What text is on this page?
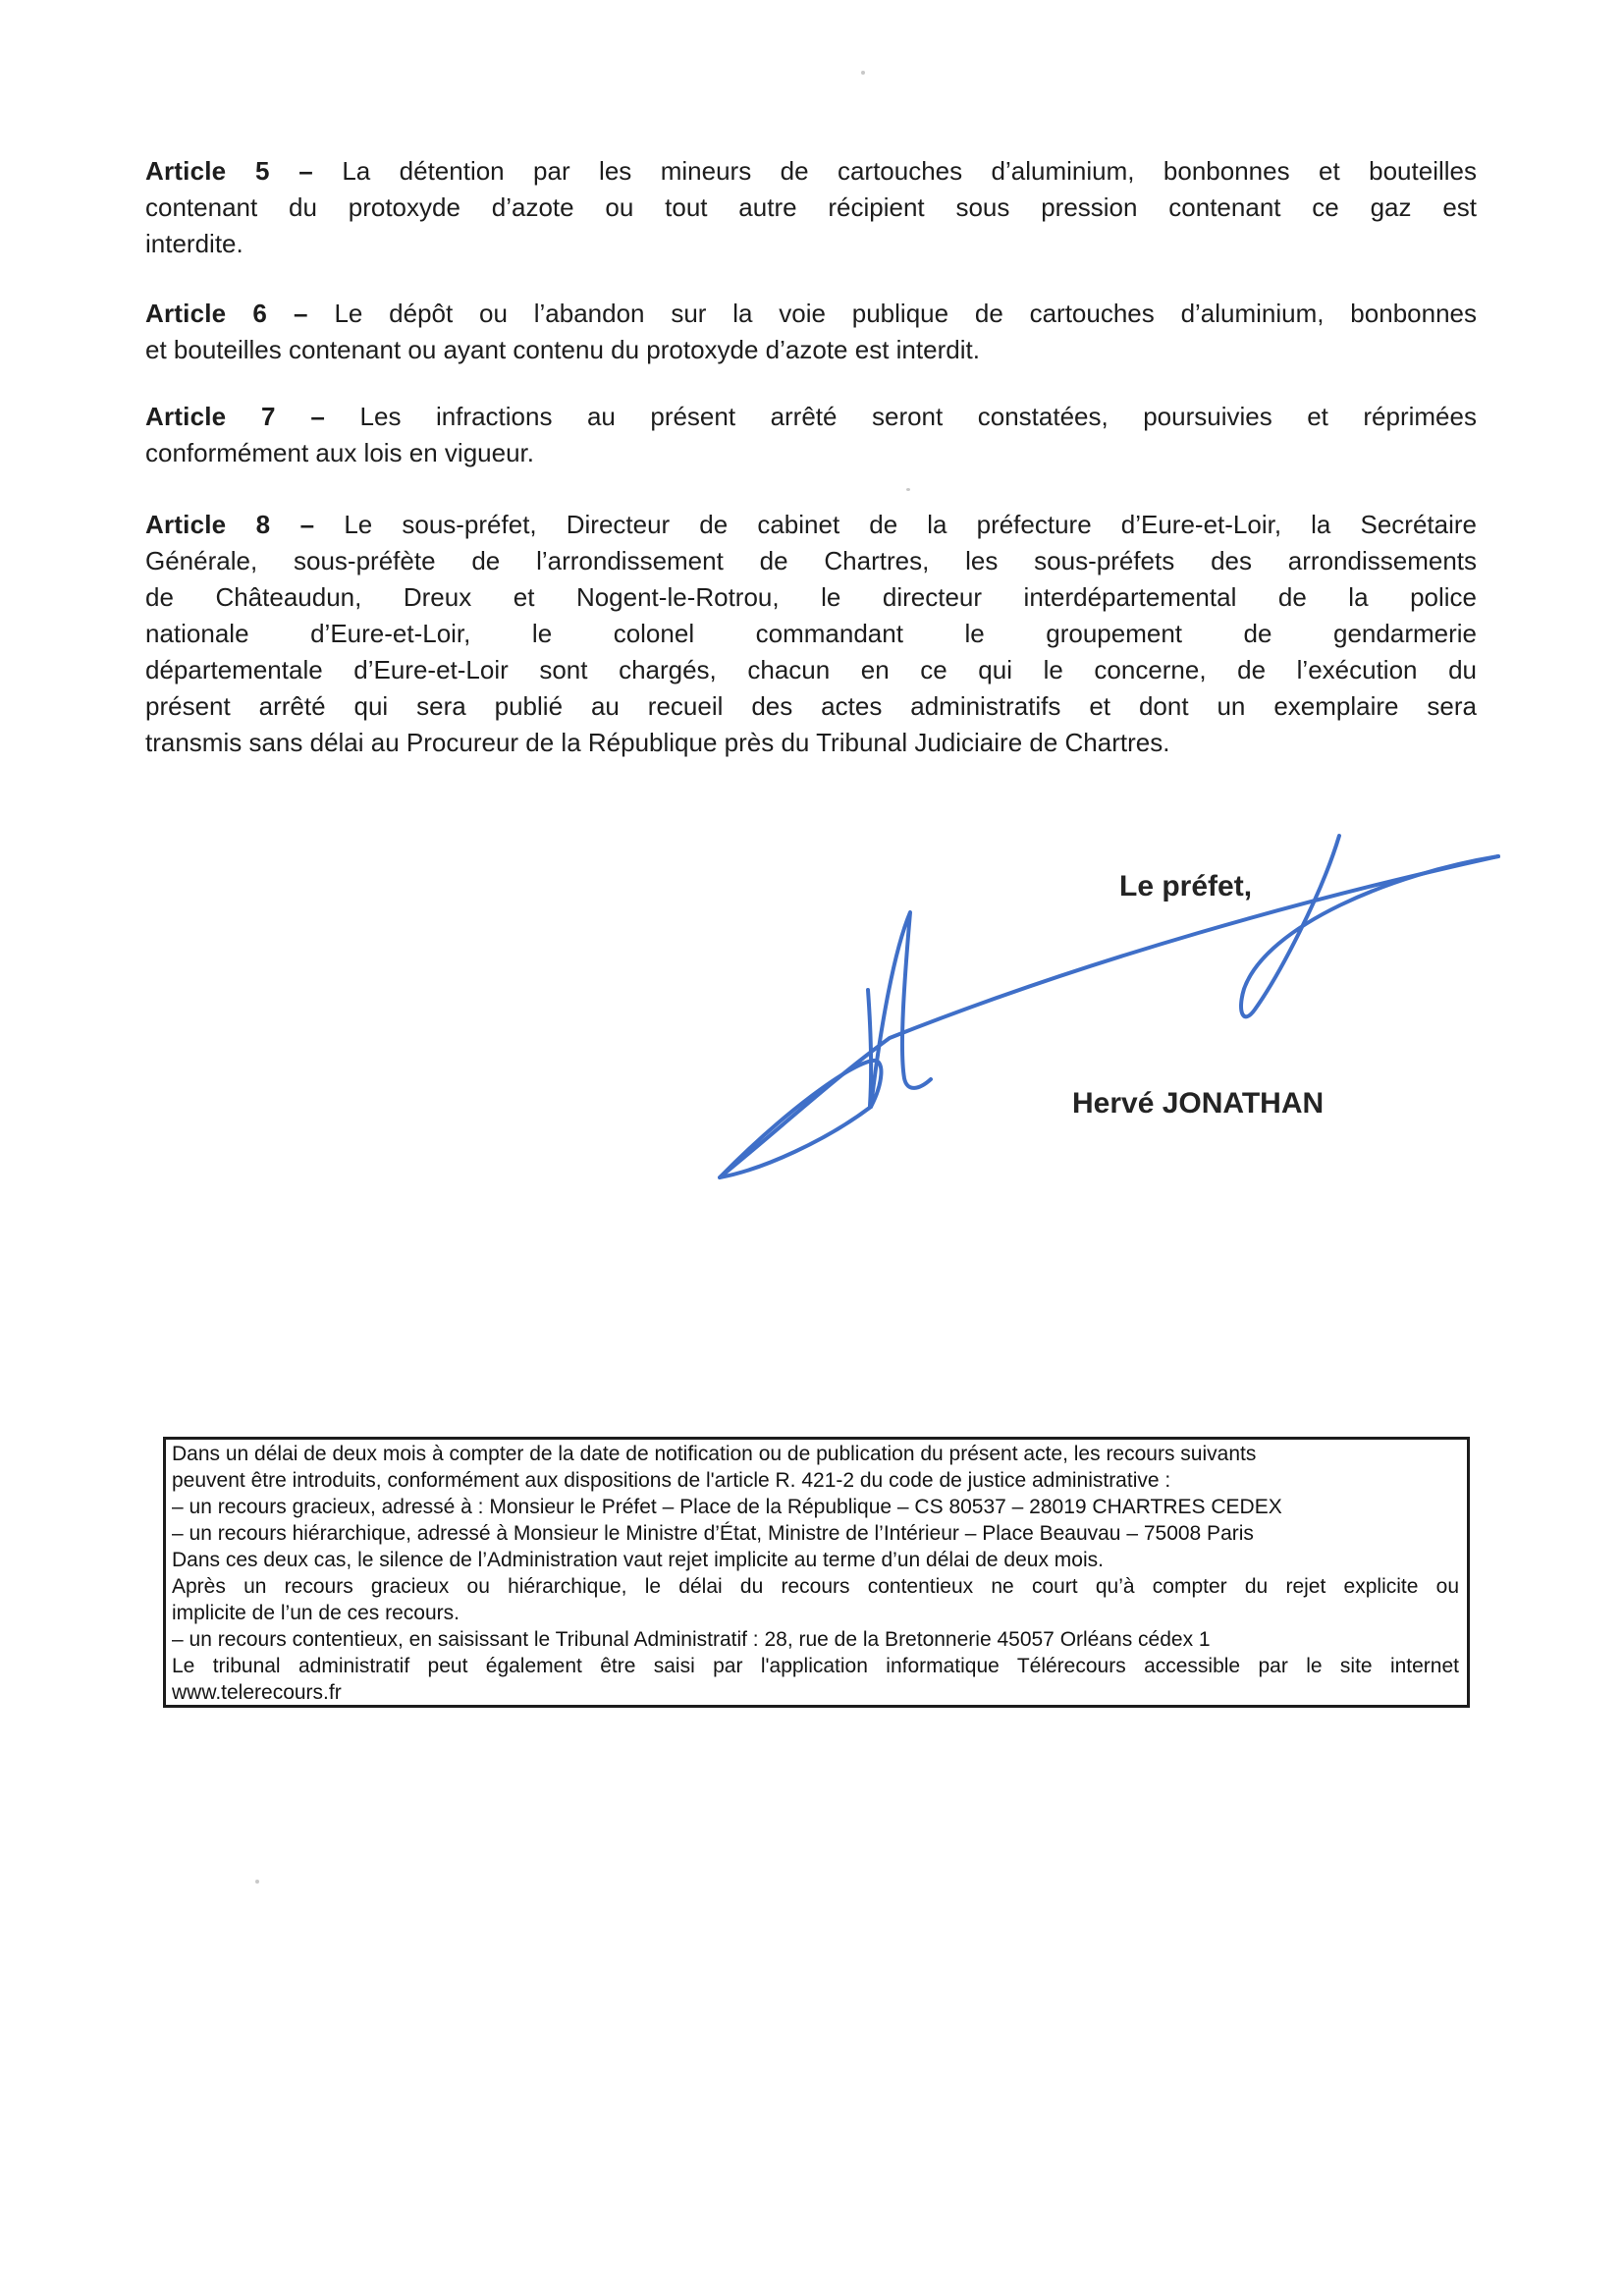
Article 5 – La détention par les mineurs de cartouches d’aluminium, bonbonnes et bouteilles
contenant du protoxyde d’azote ou tout autre récipient sous pression contenant ce gaz est
interdite.
Article 6 – Le dépôt ou l’abandon sur la voie publique de cartouches d’aluminium, bonbonnes
et bouteilles contenant ou ayant contenu du protoxyde d’azote est interdit.
Article 7 – Les infractions au présent arrêté seront constatées, poursuivies et réprimées
conformément aux lois en vigueur.
Article 8 – Le sous-préfet, Directeur de cabinet de la préfecture d’Eure-et-Loir, la Secrétaire
Générale, sous-préfète de l’arrondissement de Chartres, les sous-préfets des arrondissements
de Châteaudun, Dreux et Nogent-le-Rotrou, le directeur interdépartemental de la police
nationale d’Eure-et-Loir, le colonel commandant le groupement de gendarmerie
départementale d’Eure-et-Loir sont chargés, chacun en ce qui le concerne, de l’exécution du
présent arrêté qui sera publié au recueil des actes administratifs et dont un exemplaire sera
transmis sans délai au Procureur de la République près du Tribunal Judiciaire de Chartres.
Le préfet,
Hervé JONATHAN
Dans un délai de deux mois à compter de la date de notification ou de publication du présent acte, les recours suivants
peuvent être introduits, conformément aux dispositions de l'article R. 421-2 du code de justice administrative :
– un recours gracieux, adressé à : Monsieur le Préfet – Place de la République – CS 80537 – 28019 CHARTRES CEDEX
– un recours hiérarchique, adressé à Monsieur le Ministre d’État, Ministre de l’Intérieur – Place Beauvau – 75008 Paris
Dans ces deux cas, le silence de l’Administration vaut rejet implicite au terme d’un délai de deux mois.
Après un recours gracieux ou hiérarchique, le délai du recours contentieux ne court qu’à compter du rejet explicite ou
implicite de l’un de ces recours.
– un recours contentieux, en saisissant le Tribunal Administratif : 28, rue de la Bretonnerie 45057 Orléans cédex 1
Le tribunal administratif peut également être saisi par l'application informatique Télérecours accessible par le site internet
www.telerecours.fr
